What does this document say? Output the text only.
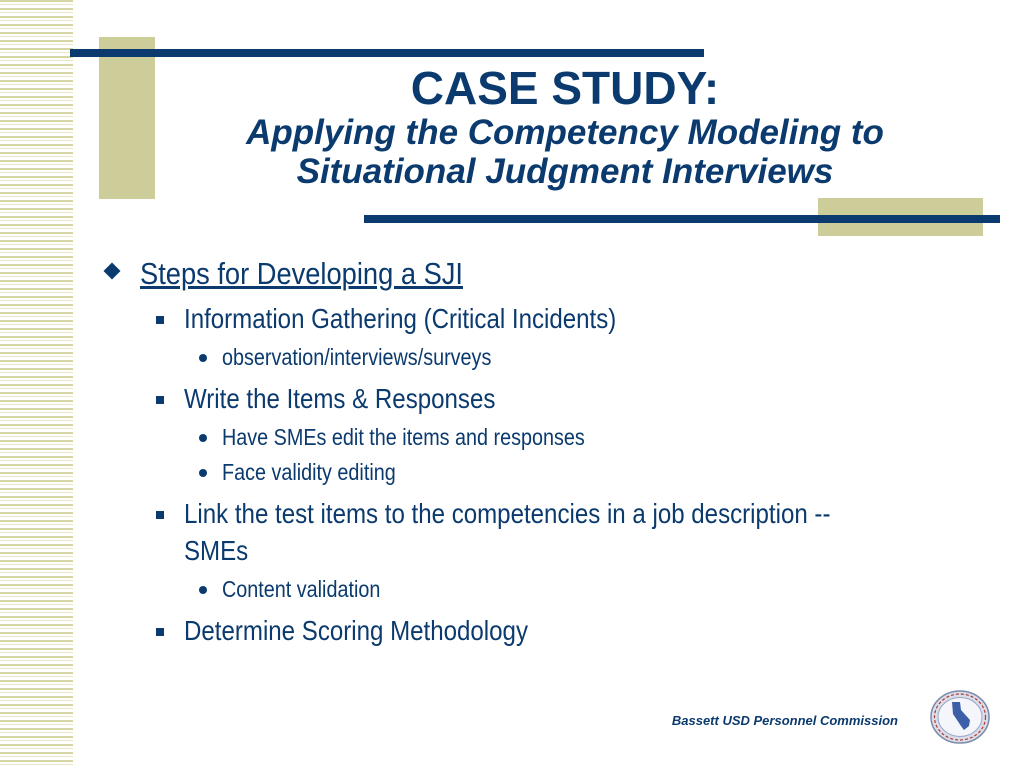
CASE STUDY:
Applying the Competency Modeling to
Situational Judgment Interviews
Steps for Developing a SJI
Information Gathering (Critical Incidents)
observation/interviews/surveys
Write the Items & Responses
Have SMEs edit the items and responses
Face validity editing
Link the test items to the competencies in a job description --
SMEs
Content validation
Determine Scoring Methodology
Bassett USD Personnel Commission
